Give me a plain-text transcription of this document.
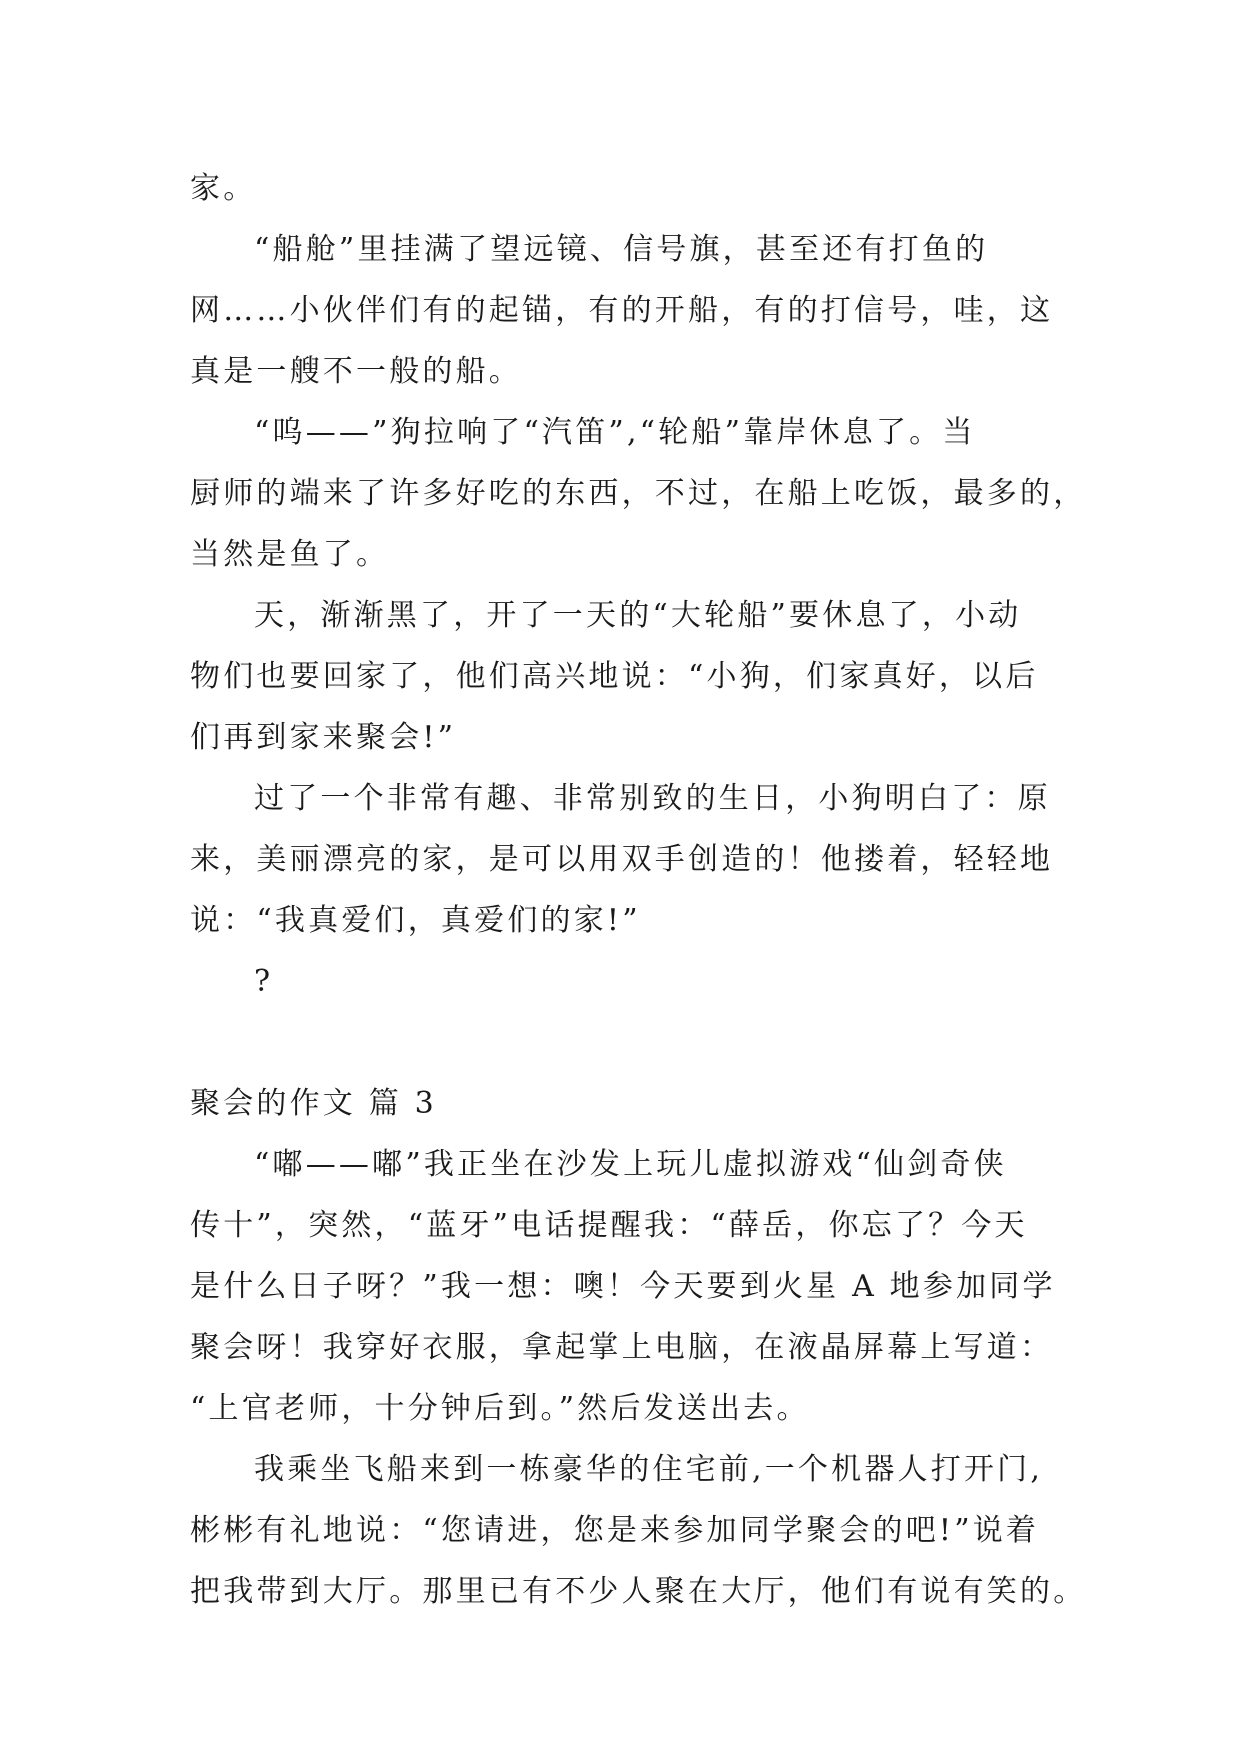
家。
“船舱”里挂满了望远镜、信号旗，甚至还有打鱼的
网……小伙伴们有的起锚，有的开船，有的打信号，哇，这
真是一艘不一般的船。
“呜——”狗拉响了“汽笛”,“轮船”靠岸休息了。当
厨师的端来了许多好吃的东西，不过，在船上吃饭，最多的，
当然是鱼了。
天，渐渐黑了，开了一天的“大轮船”要休息了，小动
物们也要回家了，他们高兴地说：“小狗，们家真好，以后
们再到家来聚会!”
过了一个非常有趣、非常别致的生日，小狗明白了：原
来，美丽漂亮的家，是可以用双手创造的！他搂着，轻轻地
说：“我真爱们，真爱们的家!”
?
聚会的作文 篇 3
“嘟——嘟”我正坐在沙发上玩儿虚拟游戏“仙剑奇侠
传十”，突然，“蓝牙”电话提醒我：“薛岳，你忘了？今天
是什么日子呀？”我一想：噢！今天要到火星 A 地参加同学
聚会呀！我穿好衣服，拿起掌上电脑，在液晶屏幕上写道：
“上官老师，十分钟后到。”然后发送出去。
我乘坐飞船来到一栋豪华的住宅前,一个机器人打开门,
彬彬有礼地说：“您请进，您是来参加同学聚会的吧!”说着
把我带到大厅。那里已有不少人聚在大厅，他们有说有笑的。
